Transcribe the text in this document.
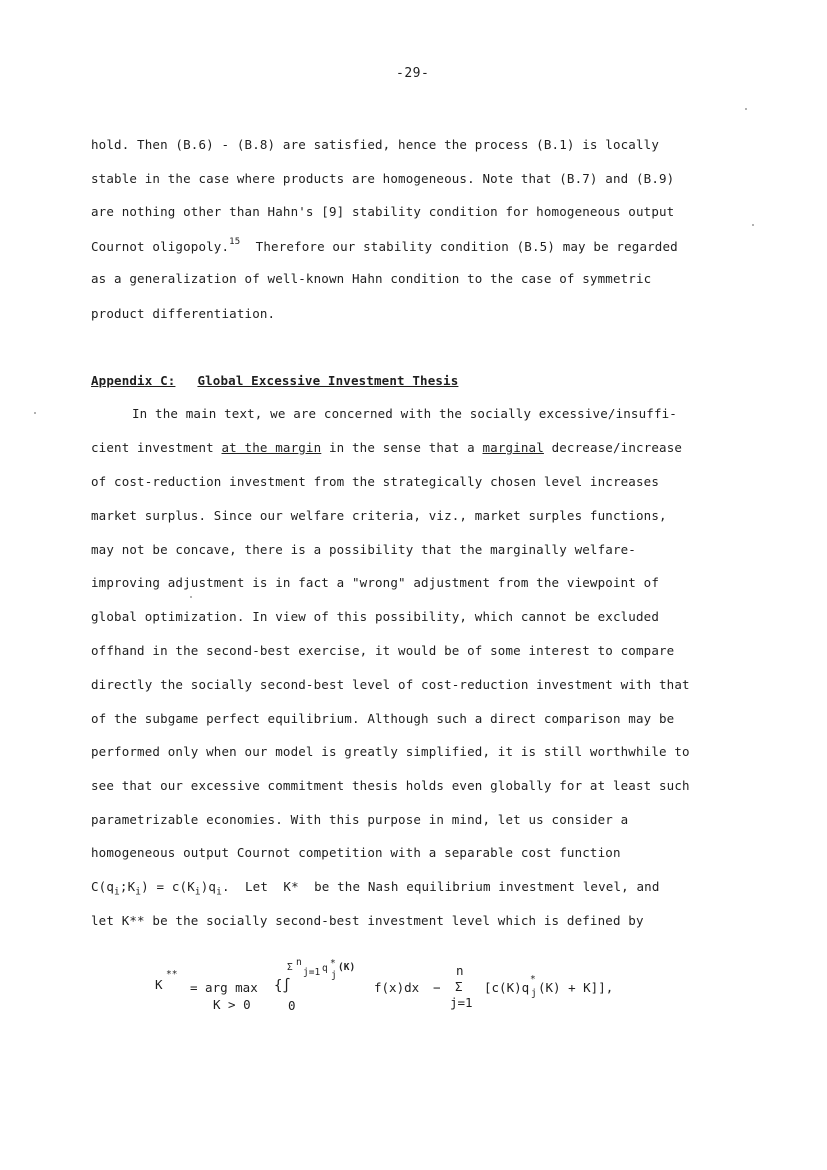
-29-
hold. Then (B.6) - (B.8) are satisfied, hence the process (B.1) is locally
stable in the case where products are homogeneous. Note that (B.7) and (B.9)
are nothing other than Hahn's [9] stability condition for homogeneous output
Cournot oligopoly.$^{15}$  Therefore our stability condition (B.5) may be regarded
as a generalization of well-known Hahn condition to the case of symmetric
product differentiation.
Appendix C: Global Excessive Investment Thesis
In the main text, we are concerned with the socially excessive/insuffi-
cient investment at the margin in the sense that a marginal decrease/increase
of cost-reduction investment from the strategically chosen level increases
market surplus. Since our welfare criteria, viz., market surples functions,
may not be concave, there is a possibility that the marginally welfare-
improving adjustment is in fact a "wrong" adjustment from the viewpoint of
global optimization. In view of this possibility, which cannot be excluded
offhand in the second-best exercise, it would be of some interest to compare
directly the socially second-best level of cost-reduction investment with that
of the subgame perfect equilibrium. Although such a direct comparison may be
performed only when our model is greatly simplified, it is still worthwhile to
see that our excessive commitment thesis holds even globally for at least such
parametrizable economies. With this purpose in mind, let us consider a
homogeneous output Cournot competition with a separable cost function
$C(q_i;K_i) = c(K_i)q_i$.  Let  K*  be the Nash equilibrium investment level, and
let K** be the socially second-best investment level which is defined by
K
**
= arg max
K > 0
{∫
0
Σ n
j=1 q *
j
(K)
f(x)dx −
n
Σ
j=1
[c(K)q
*
j (K) + K]],
